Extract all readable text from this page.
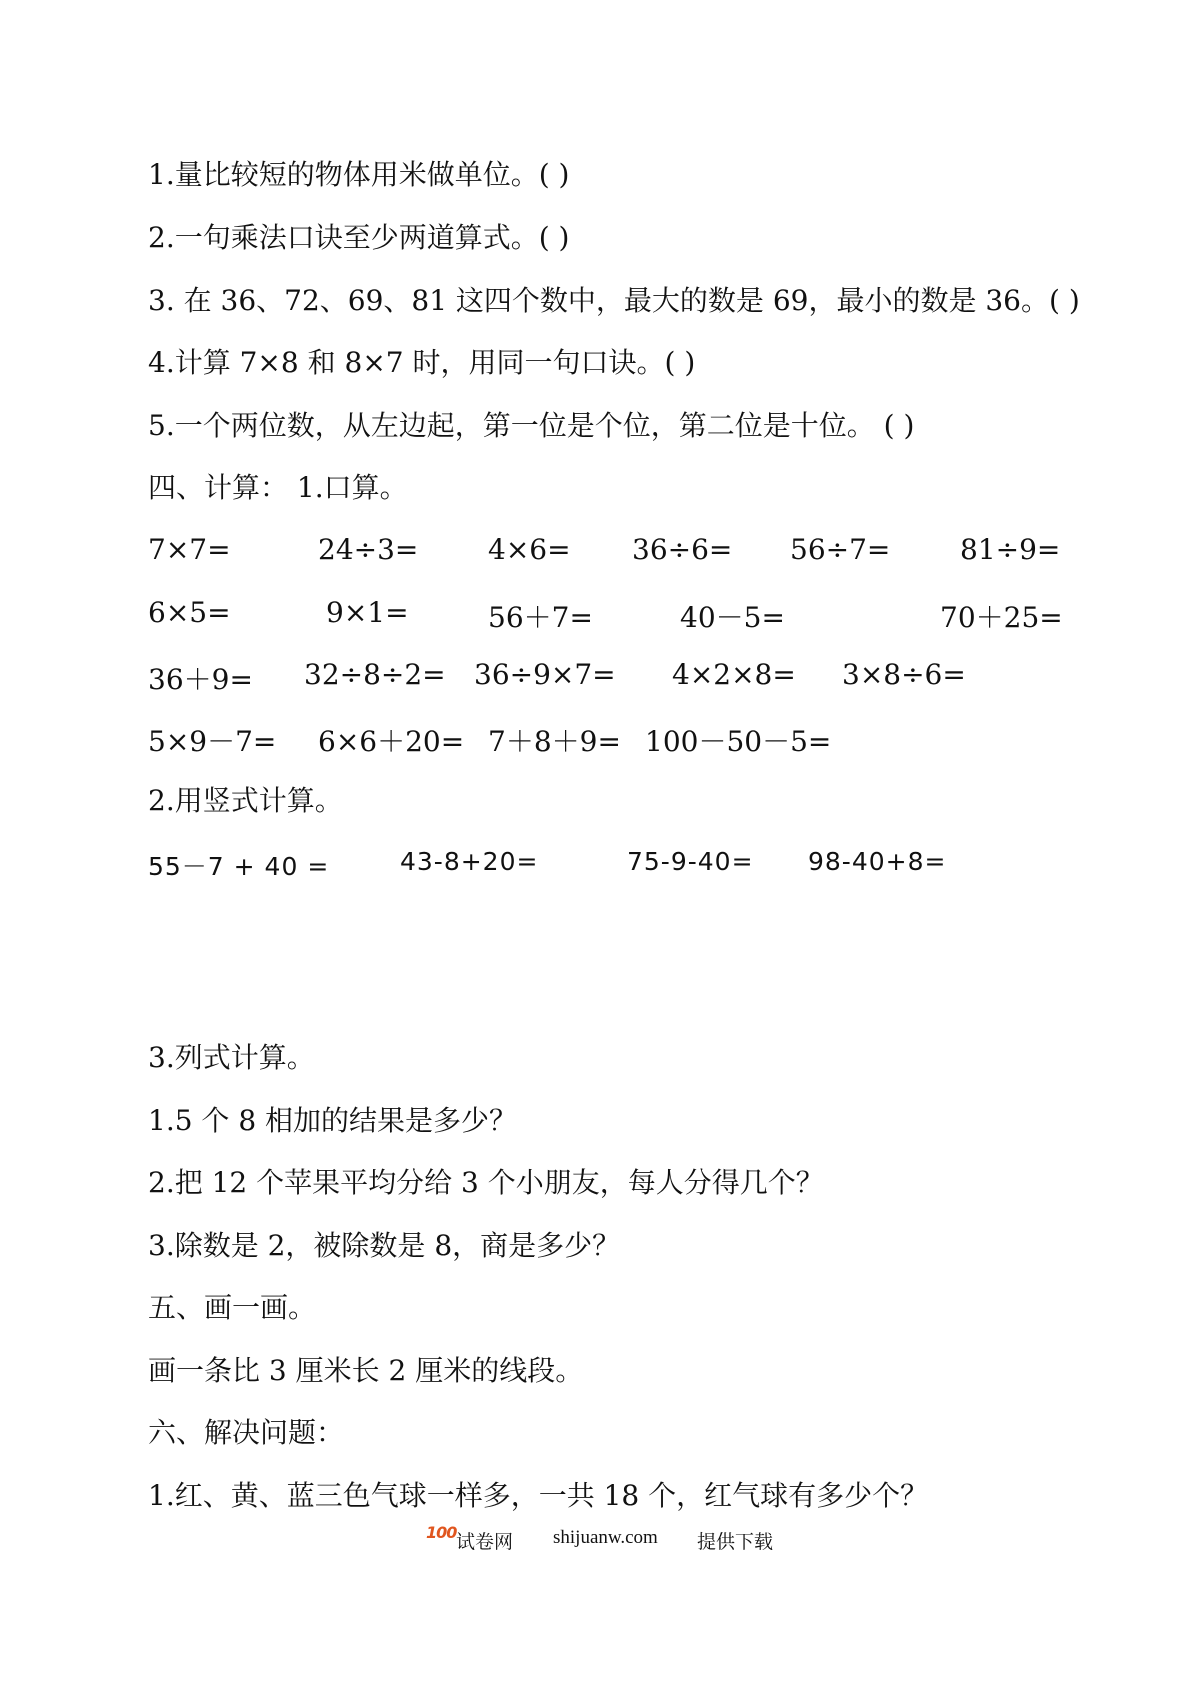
1.量比较短的物体用米做单位。( )
2.一句乘法口诀至少两道算式。( )
3. 在 36、72、69、81 这四个数中，最大的数是 69，最小的数是 36。( )
4.计算 7×8 和 8×7 时，用同一句口诀。( )
5.一个两位数，从左边起，第一位是个位，第二位是十位。 ( )
四、计算： 1.口算。
7×7=	24÷3= 4×6= 36÷6= 56÷7= 81÷9=
6×5=	9×1=	56＋7=	40－5=	70＋25=
36＋9= 32÷8÷2= 36÷9×7= 4×2×8= 3×8÷6=
5×9－7= 6×6＋20= 7＋8＋9= 100－50－5=
2.用竖式计算。
55－7 + 40 =	43-8+20=	75-9-40= 98-40+8=
3.列式计算。
1.5 个 8 相加的结果是多少？
2.把 12 个苹果平均分给 3 个小朋友，每人分得几个？
3.除数是 2，被除数是 8，商是多少？
五、画一画。
画一条比 3 厘米长 2 厘米的线段。
六、解决问题：
1.红、黄、蓝三色气球一样多，一共 18 个，红气球有多少个？
100 试卷网 shijuanw.com 提供下载
